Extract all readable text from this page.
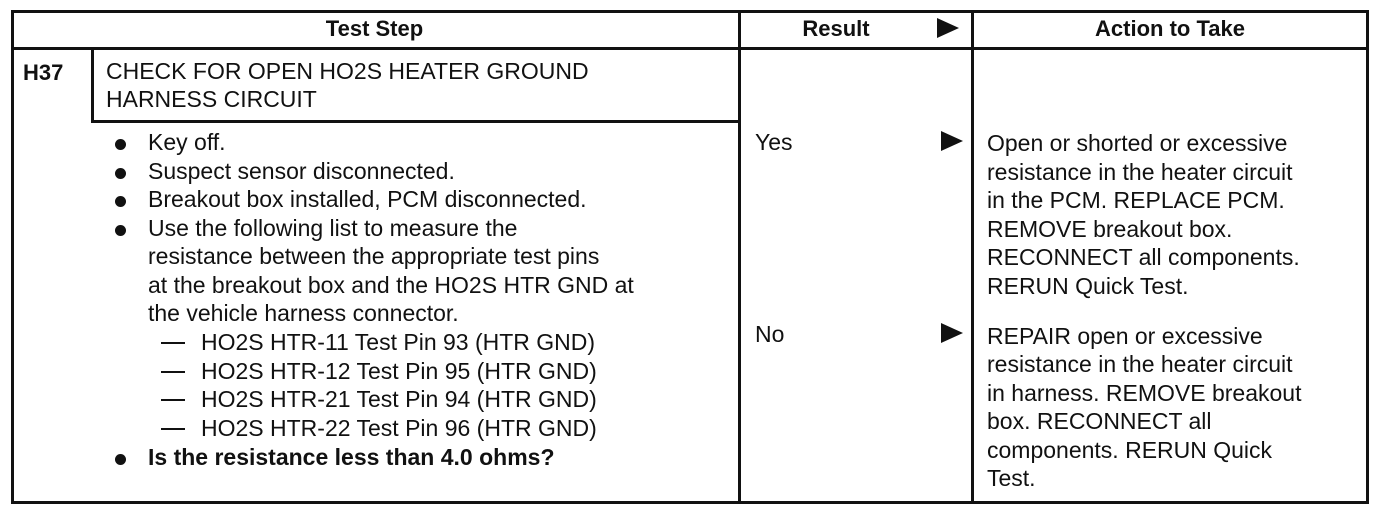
Test Step	Result	Action to Take
H37 CHECK FOR OPEN HO2S HEATER GROUND
HARNESS CIRCUIT
Key off.
Suspect sensor disconnected.
Breakout box installed, PCM disconnected.
Use the following list to measure the
resistance between the appropriate test pins
at the breakout box and the HO2S HTR GND at
the vehicle harness connector.
HO2S HTR-11 Test Pin 93 (HTR GND)
HO2S HTR-12 Test Pin 95 (HTR GND)
HO2S HTR-21 Test Pin 94 (HTR GND)
HO2S HTR-22 Test Pin 96 (HTR GND)
Is the resistance less than 4.0 ohms?
Yes
No
Open or shorted or excessive
resistance in the heater circuit
in the PCM. REPLACE PCM.
REMOVE breakout box.
RECONNECT all components.
RERUN Quick Test.
REPAIR open or excessive
resistance in the heater circuit
in harness. REMOVE breakout
box. RECONNECT all
components. RERUN Quick
Test.
